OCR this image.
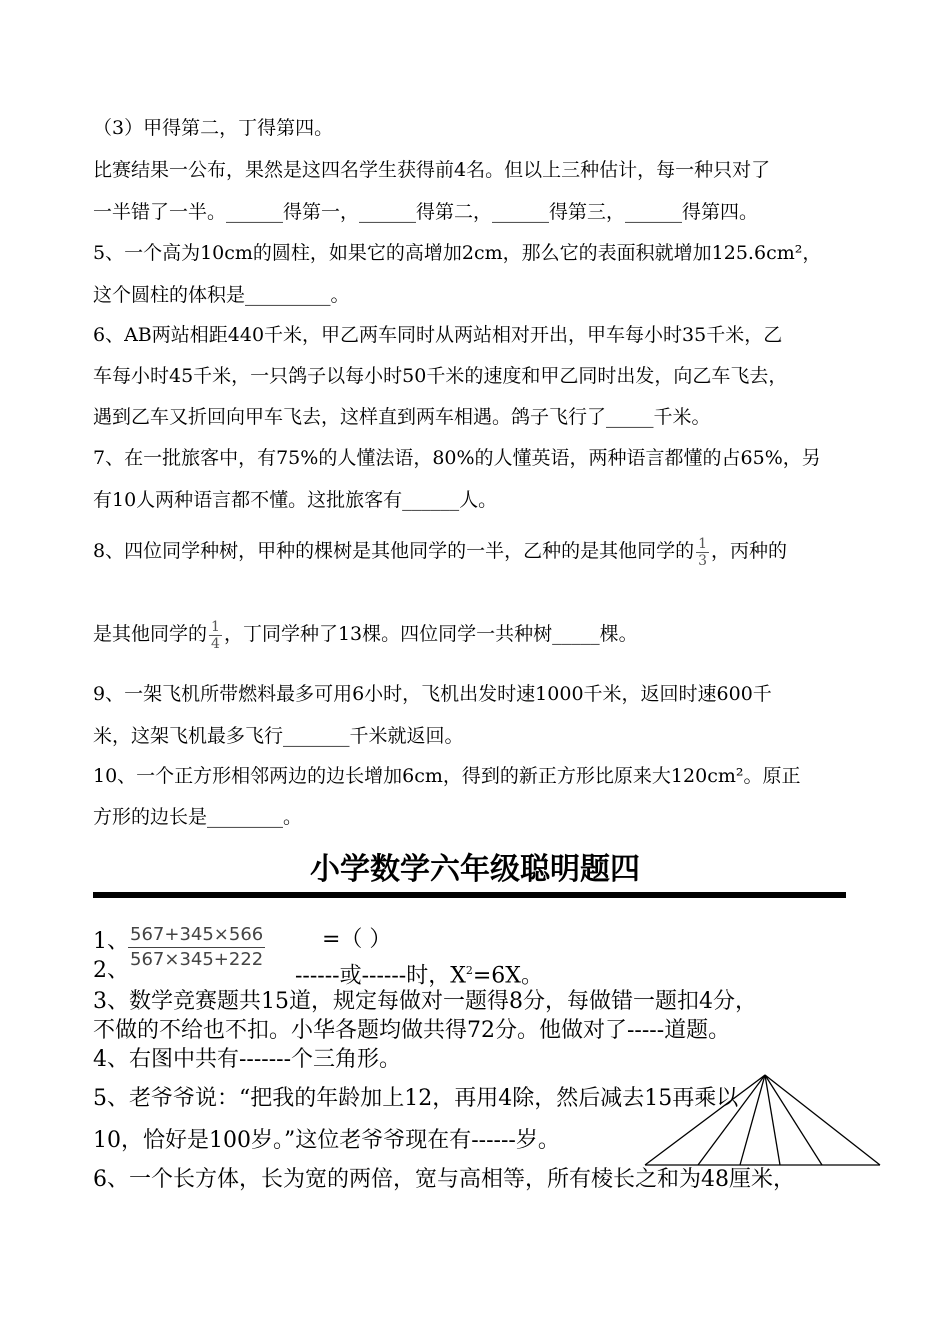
（3）甲得第二，丁得第四。
比赛结果一公布，果然是这四名学生获得前4名。但以上三种估计，每一种只对了
一半错了一半。______得第一，______得第二，______得第三，______得第四。
5、一个高为10cm的圆柱，如果它的高增加2cm，那么它的表面积就增加125.6cm²，
这个圆柱的体积是_________。
6、AB两站相距440千米，甲乙两车同时从两站相对开出，甲车每小时35千米，乙
车每小时45千米，一只鸽子以每小时50千米的速度和甲乙同时出发，向乙车飞去，
遇到乙车又折回向甲车飞去，这样直到两车相遇。鸽子飞行了_____千米。
7、在一批旅客中，有75%的人懂法语，80%的人懂英语，两种语言都懂的占65%，另
有10人两种语言都不懂。这批旅客有______人。
8、四位同学种树，甲种的棵树是其他同学的一半，乙种的是其他同学的 $\frac{1}{3}$ ，丙种的
是其他同学的 $\frac{1}{4}$ ，丁同学种了13棵。四位同学一共种树_____棵。
9、一架飞机所带燃料最多可用6小时，飞机出发时速1000千米，返回时速600千
米，这架飞机最多飞行_______千米就返回。
10、一个正方形相邻两边的边长增加6cm，得到的新正方形比原来大120cm²。原正
方形的边长是________。
小学数学六年级聪明题四
1、 $\frac{567+345\times 566}{567\times 345+222}$	=（ ）
2、	------或------时，$X^2=6X$。
3、数学竞赛题共15道，规定每做对一题得8分，每做错一题扣4分，
不做的不给也不扣。小华各题均做共得72分。他做对了-----道题。
4、右图中共有-------个三角形。
5、老爷爷说：“把我的年龄加上12，再用4除，然后减去15再乘以
10，恰好是100岁。”这位老爷爷现在有------岁。
6、一个长方体，长为宽的两倍，宽与高相等，所有棱长之和为48厘米，
